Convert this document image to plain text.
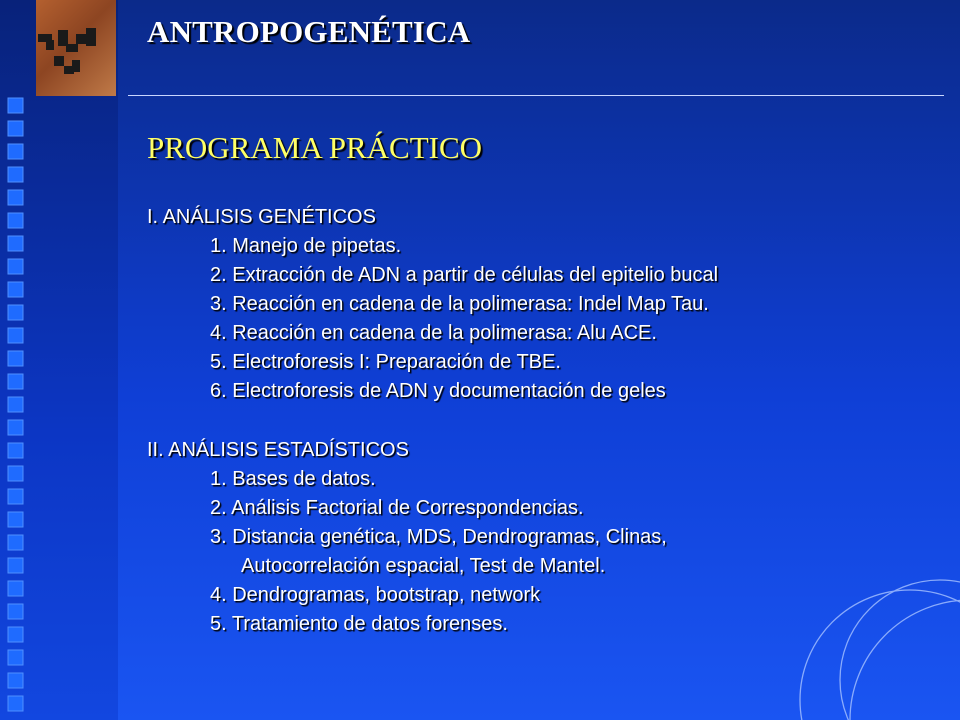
ANTROPOGENÉTICA
PROGRAMA PRÁCTICO
I. ANÁLISIS GENÉTICOS
1. Manejo de pipetas.
2. Extracción de ADN a partir de células del epitelio bucal
3. Reacción en cadena de la polimerasa: Indel Map Tau.
4. Reacción en cadena de la polimerasa: Alu ACE.
5. Electroforesis I: Preparación de TBE.
6. Electroforesis de ADN y documentación de geles
II. ANÁLISIS ESTADÍSTICOS
1. Bases de datos.
2. Análisis Factorial de Correspondencias.
3. Distancia genética, MDS, Dendrogramas, Clinas,
Autocorrelación espacial, Test de Mantel.
4. Dendrogramas, bootstrap, network
5. Tratamiento de datos forenses.
